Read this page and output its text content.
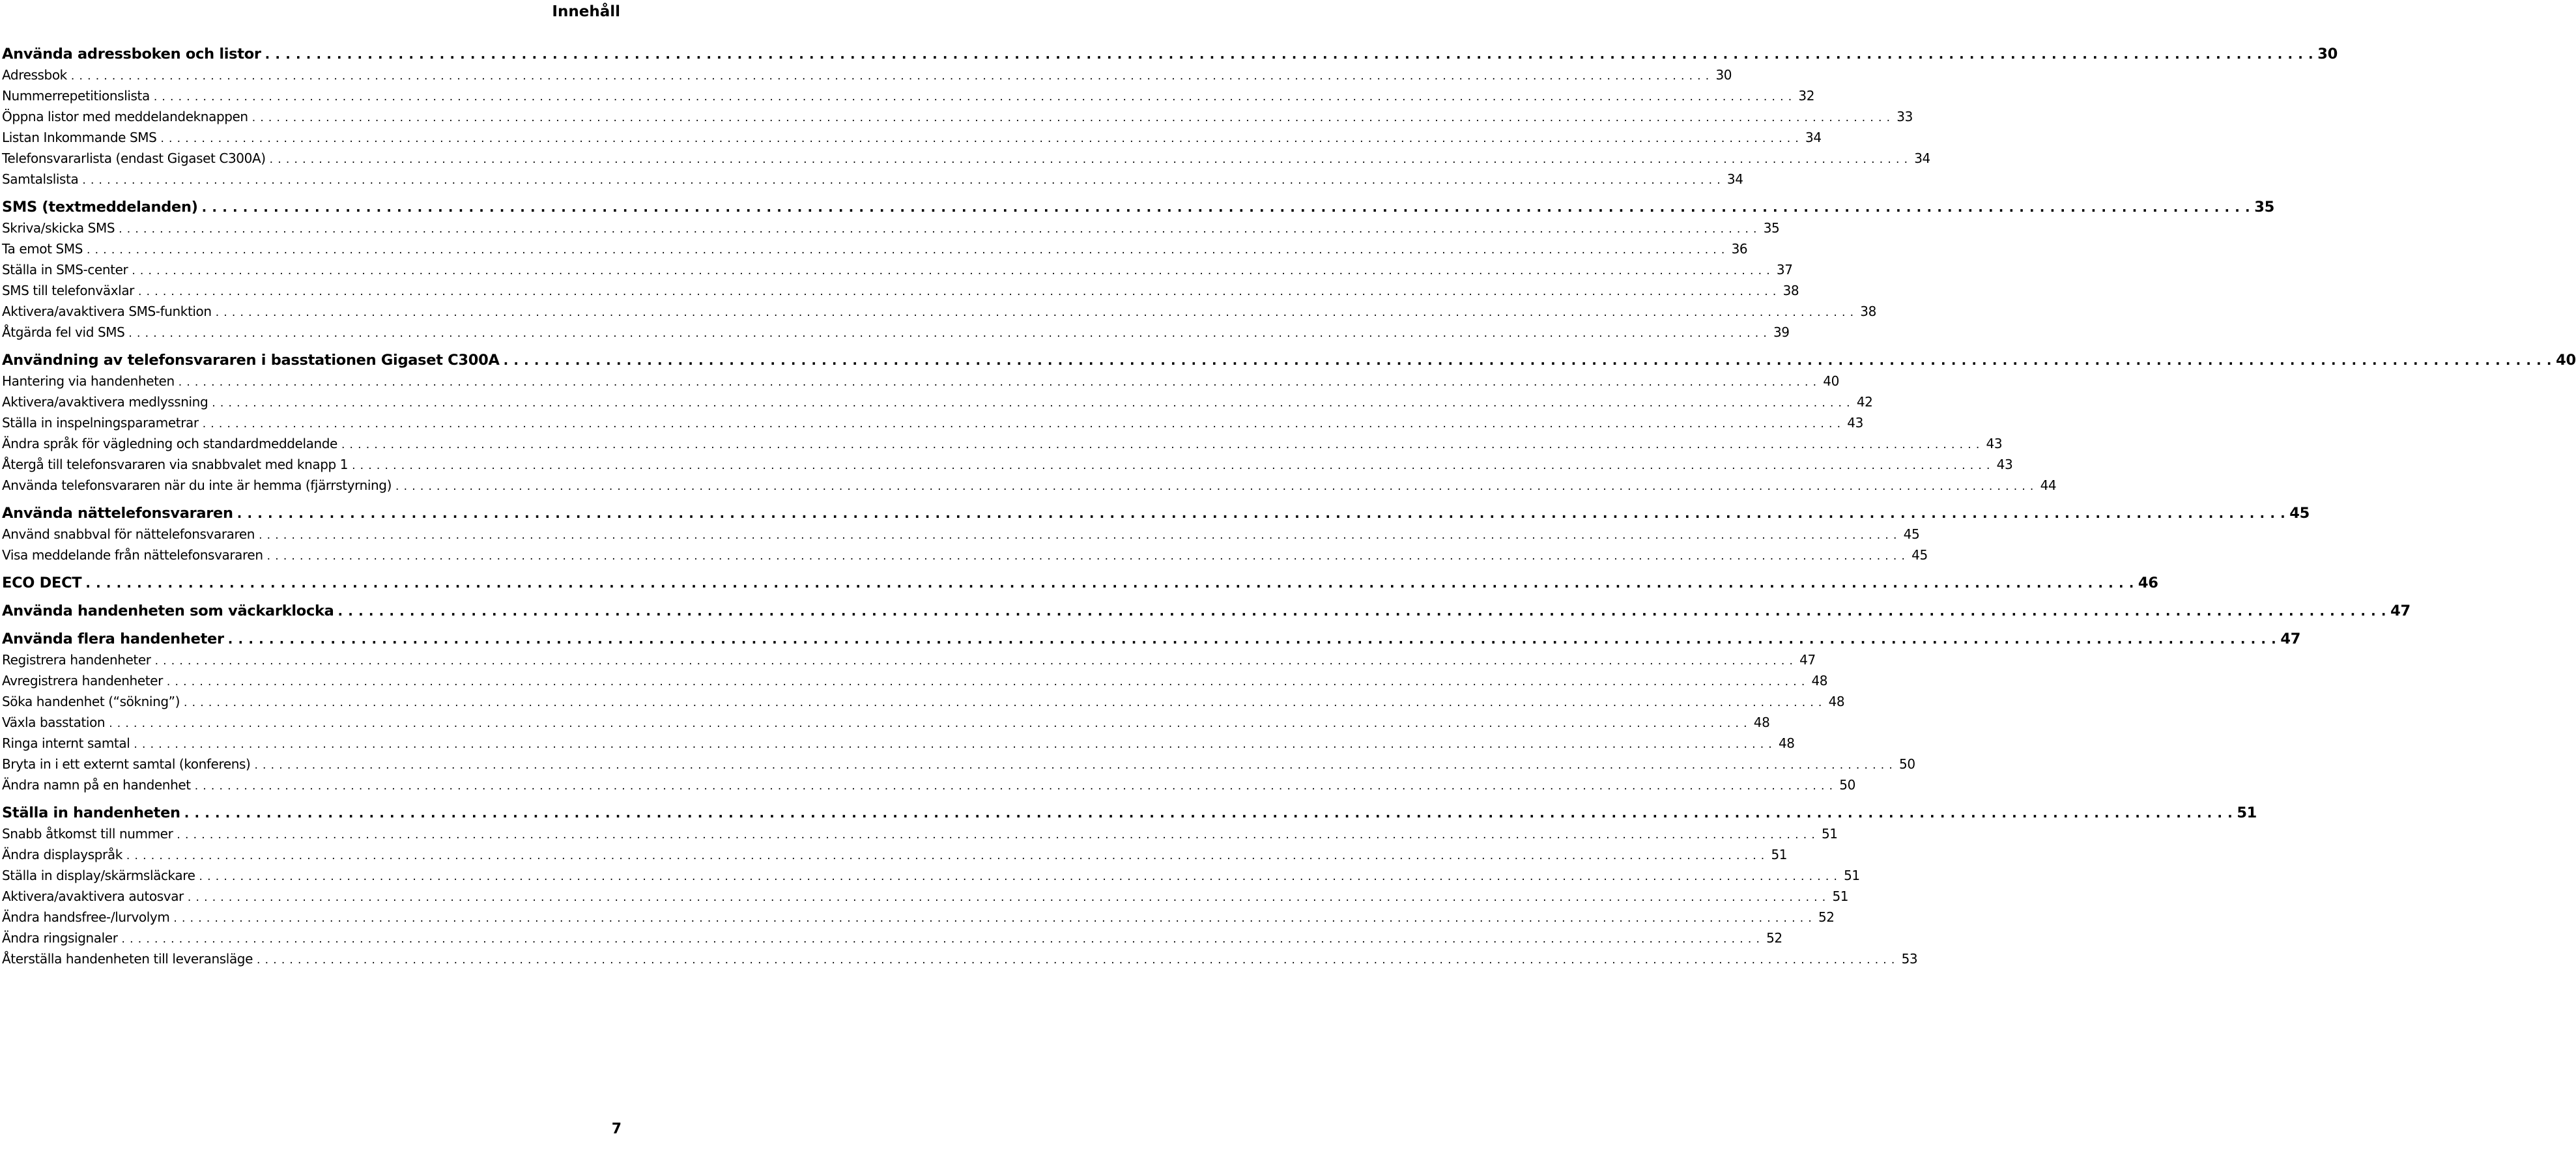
Innehåll
Använda adressboken och listor . . . . . . . . . . . . . . . . . . . . . . . . . . . . . . . . . . . . . . . . . . . . . . . . . . . . . . . . . . . . . . . . . . . . . . . . . . . . . . . . . . . . . . . . . . . . . . . . . . . . . . . . . . . . . . . . . . . . . . . . . . . . . . . . . . . . . . . . . . . . . . . . . . . . . . . . . . . . . . . . . . . . . . . . . . . . . . . . . . . . . . . . . . . . . . . . . . . . . . . . 30
Adressbok . . . . . . . . . . . . . . . . . . . . . . . . . . . . . . . . . . . . . . . . . . . . . . . . . . . . . . . . . . . . . . . . . . . . . . . . . . . . . . . . . . . . . . . . . . . . . . . . . . . . . . . . . . . . . . . . . . . . . . . . . . . . . . . . . . . . . . . . . . . . . . . . . . . . . . . . . . . . . . . . . . . . . . . . . . . . . . . . . . . . . . . . . . . . . . . . . . . . . . . . 30
Nummerrepetitionslista . . . . . . . . . . . . . . . . . . . . . . . . . . . . . . . . . . . . . . . . . . . . . . . . . . . . . . . . . . . . . . . . . . . . . . . . . . . . . . . . . . . . . . . . . . . . . . . . . . . . . . . . . . . . . . . . . . . . . . . . . . . . . . . . . . . . . . . . . . . . . . . . . . . . . . . . . . . . . . . . . . . . . . . . . . . . . . . . . . . . . . . . . . . . . . . . . . . . . . . . 32
Öppna listor med meddelandeknappen . . . . . . . . . . . . . . . . . . . . . . . . . . . . . . . . . . . . . . . . . . . . . . . . . . . . . . . . . . . . . . . . . . . . . . . . . . . . . . . . . . . . . . . . . . . . . . . . . . . . . . . . . . . . . . . . . . . . . . . . . . . . . . . . . . . . . . . . . . . . . . . . . . . . . . . . . . . . . . . . . . . . . . . . . . . . . . . . . . . . . . . . . . . . . . . . . . . . . . . . 33
Listan Inkommande SMS . . . . . . . . . . . . . . . . . . . . . . . . . . . . . . . . . . . . . . . . . . . . . . . . . . . . . . . . . . . . . . . . . . . . . . . . . . . . . . . . . . . . . . . . . . . . . . . . . . . . . . . . . . . . . . . . . . . . . . . . . . . . . . . . . . . . . . . . . . . . . . . . . . . . . . . . . . . . . . . . . . . . . . . . . . . . . . . . . . . . . . . . . . . . . . . . . . . . . . . . 34
Telefonsvararlista (endast Gigaset C300A) . . . . . . . . . . . . . . . . . . . . . . . . . . . . . . . . . . . . . . . . . . . . . . . . . . . . . . . . . . . . . . . . . . . . . . . . . . . . . . . . . . . . . . . . . . . . . . . . . . . . . . . . . . . . . . . . . . . . . . . . . . . . . . . . . . . . . . . . . . . . . . . . . . . . . . . . . . . . . . . . . . . . . . . . . . . . . . . . . . . . . . . . . . . . . . . . . . . . . . . . 34
Samtalslista . . . . . . . . . . . . . . . . . . . . . . . . . . . . . . . . . . . . . . . . . . . . . . . . . . . . . . . . . . . . . . . . . . . . . . . . . . . . . . . . . . . . . . . . . . . . . . . . . . . . . . . . . . . . . . . . . . . . . . . . . . . . . . . . . . . . . . . . . . . . . . . . . . . . . . . . . . . . . . . . . . . . . . . . . . . . . . . . . . . . . . . . . . . . . . . . . . . . . . . . 34
SMS (textmeddelanden) . . . . . . . . . . . . . . . . . . . . . . . . . . . . . . . . . . . . . . . . . . . . . . . . . . . . . . . . . . . . . . . . . . . . . . . . . . . . . . . . . . . . . . . . . . . . . . . . . . . . . . . . . . . . . . . . . . . . . . . . . . . . . . . . . . . . . . . . . . . . . . . . . . . . . . . . . . . . . . . . . . . . . . . . . . . . . . . . . . . . . . . . . . . . . . . . . . . . . . . . 35
Skriva/skicka SMS . . . . . . . . . . . . . . . . . . . . . . . . . . . . . . . . . . . . . . . . . . . . . . . . . . . . . . . . . . . . . . . . . . . . . . . . . . . . . . . . . . . . . . . . . . . . . . . . . . . . . . . . . . . . . . . . . . . . . . . . . . . . . . . . . . . . . . . . . . . . . . . . . . . . . . . . . . . . . . . . . . . . . . . . . . . . . . . . . . . . . . . . . . . . . . . . . . . . . . . . 35
Ta emot SMS . . . . . . . . . . . . . . . . . . . . . . . . . . . . . . . . . . . . . . . . . . . . . . . . . . . . . . . . . . . . . . . . . . . . . . . . . . . . . . . . . . . . . . . . . . . . . . . . . . . . . . . . . . . . . . . . . . . . . . . . . . . . . . . . . . . . . . . . . . . . . . . . . . . . . . . . . . . . . . . . . . . . . . . . . . . . . . . . . . . . . . . . . . . . . . . . . . . . . . . . 36
Ställa in SMS-center . . . . . . . . . . . . . . . . . . . . . . . . . . . . . . . . . . . . . . . . . . . . . . . . . . . . . . . . . . . . . . . . . . . . . . . . . . . . . . . . . . . . . . . . . . . . . . . . . . . . . . . . . . . . . . . . . . . . . . . . . . . . . . . . . . . . . . . . . . . . . . . . . . . . . . . . . . . . . . . . . . . . . . . . . . . . . . . . . . . . . . . . . . . . . . . . . . . . . . . . 37
SMS till telefonväxlar . . . . . . . . . . . . . . . . . . . . . . . . . . . . . . . . . . . . . . . . . . . . . . . . . . . . . . . . . . . . . . . . . . . . . . . . . . . . . . . . . . . . . . . . . . . . . . . . . . . . . . . . . . . . . . . . . . . . . . . . . . . . . . . . . . . . . . . . . . . . . . . . . . . . . . . . . . . . . . . . . . . . . . . . . . . . . . . . . . . . . . . . . . . . . . . . . . . . . . . . 38
Aktivera/avaktivera SMS-funktion . . . . . . . . . . . . . . . . . . . . . . . . . . . . . . . . . . . . . . . . . . . . . . . . . . . . . . . . . . . . . . . . . . . . . . . . . . . . . . . . . . . . . . . . . . . . . . . . . . . . . . . . . . . . . . . . . . . . . . . . . . . . . . . . . . . . . . . . . . . . . . . . . . . . . . . . . . . . . . . . . . . . . . . . . . . . . . . . . . . . . . . . . . . . . . . . . . . . . . . . 38
Åtgärda fel vid SMS . . . . . . . . . . . . . . . . . . . . . . . . . . . . . . . . . . . . . . . . . . . . . . . . . . . . . . . . . . . . . . . . . . . . . . . . . . . . . . . . . . . . . . . . . . . . . . . . . . . . . . . . . . . . . . . . . . . . . . . . . . . . . . . . . . . . . . . . . . . . . . . . . . . . . . . . . . . . . . . . . . . . . . . . . . . . . . . . . . . . . . . . . . . . . . . . . . . . . . . . 39
Användning av telefonsvararen i basstationen Gigaset C300A . . . . . . . . . . . . . . . . . . . . . . . . . . . . . . . . . . . . . . . . . . . . . . . . . . . . . . . . . . . . . . . . . . . . . . . . . . . . . . . . . . . . . . . . . . . . . . . . . . . . . . . . . . . . . . . . . . . . . . . . . . . . . . . . . . . . . . . . . . . . . . . . . . . . . . . . . . . . . . . . . . . . . . . . . . . . . . . . . . . . . . . . . . . . . . . . . . . . . . . . 40
Hantering via handenheten . . . . . . . . . . . . . . . . . . . . . . . . . . . . . . . . . . . . . . . . . . . . . . . . . . . . . . . . . . . . . . . . . . . . . . . . . . . . . . . . . . . . . . . . . . . . . . . . . . . . . . . . . . . . . . . . . . . . . . . . . . . . . . . . . . . . . . . . . . . . . . . . . . . . . . . . . . . . . . . . . . . . . . . . . . . . . . . . . . . . . . . . . . . . . . . . . . . . . . . . 40
Aktivera/avaktivera medlyssning . . . . . . . . . . . . . . . . . . . . . . . . . . . . . . . . . . . . . . . . . . . . . . . . . . . . . . . . . . . . . . . . . . . . . . . . . . . . . . . . . . . . . . . . . . . . . . . . . . . . . . . . . . . . . . . . . . . . . . . . . . . . . . . . . . . . . . . . . . . . . . . . . . . . . . . . . . . . . . . . . . . . . . . . . . . . . . . . . . . . . . . . . . . . . . . . . . . . . . . . 42
Ställa in inspelningsparametrar . . . . . . . . . . . . . . . . . . . . . . . . . . . . . . . . . . . . . . . . . . . . . . . . . . . . . . . . . . . . . . . . . . . . . . . . . . . . . . . . . . . . . . . . . . . . . . . . . . . . . . . . . . . . . . . . . . . . . . . . . . . . . . . . . . . . . . . . . . . . . . . . . . . . . . . . . . . . . . . . . . . . . . . . . . . . . . . . . . . . . . . . . . . . . . . . . . . . . . . . 43
Ändra språk för vägledning och standardmeddelande . . . . . . . . . . . . . . . . . . . . . . . . . . . . . . . . . . . . . . . . . . . . . . . . . . . . . . . . . . . . . . . . . . . . . . . . . . . . . . . . . . . . . . . . . . . . . . . . . . . . . . . . . . . . . . . . . . . . . . . . . . . . . . . . . . . . . . . . . . . . . . . . . . . . . . . . . . . . . . . . . . . . . . . . . . . . . . . . . . . . . . . . . . . . . . . . . . . . . . . . 43
Återgå till telefonsvararen via snabbvalet med knapp 1 . . . . . . . . . . . . . . . . . . . . . . . . . . . . . . . . . . . . . . . . . . . . . . . . . . . . . . . . . . . . . . . . . . . . . . . . . . . . . . . . . . . . . . . . . . . . . . . . . . . . . . . . . . . . . . . . . . . . . . . . . . . . . . . . . . . . . . . . . . . . . . . . . . . . . . . . . . . . . . . . . . . . . . . . . . . . . . . . . . . . . . . . . . . . . . . . . . . . . . . . 43
Använda telefonsvararen när du inte är hemma (fjärrstyrning) . . . . . . . . . . . . . . . . . . . . . . . . . . . . . . . . . . . . . . . . . . . . . . . . . . . . . . . . . . . . . . . . . . . . . . . . . . . . . . . . . . . . . . . . . . . . . . . . . . . . . . . . . . . . . . . . . . . . . . . . . . . . . . . . . . . . . . . . . . . . . . . . . . . . . . . . . . . . . . . . . . . . . . . . . . . . . . . . . . . . . . . . . . . . . . . . . . . . . . . . 44
Använda nättelefonsvararen . . . . . . . . . . . . . . . . . . . . . . . . . . . . . . . . . . . . . . . . . . . . . . . . . . . . . . . . . . . . . . . . . . . . . . . . . . . . . . . . . . . . . . . . . . . . . . . . . . . . . . . . . . . . . . . . . . . . . . . . . . . . . . . . . . . . . . . . . . . . . . . . . . . . . . . . . . . . . . . . . . . . . . . . . . . . . . . . . . . . . . . . . . . . . . . . . . . . . . . . 45
Använd snabbval för nättelefonsvararen . . . . . . . . . . . . . . . . . . . . . . . . . . . . . . . . . . . . . . . . . . . . . . . . . . . . . . . . . . . . . . . . . . . . . . . . . . . . . . . . . . . . . . . . . . . . . . . . . . . . . . . . . . . . . . . . . . . . . . . . . . . . . . . . . . . . . . . . . . . . . . . . . . . . . . . . . . . . . . . . . . . . . . . . . . . . . . . . . . . . . . . . . . . . . . . . . . . . . . . . 45
Visa meddelande från nättelefonsvararen . . . . . . . . . . . . . . . . . . . . . . . . . . . . . . . . . . . . . . . . . . . . . . . . . . . . . . . . . . . . . . . . . . . . . . . . . . . . . . . . . . . . . . . . . . . . . . . . . . . . . . . . . . . . . . . . . . . . . . . . . . . . . . . . . . . . . . . . . . . . . . . . . . . . . . . . . . . . . . . . . . . . . . . . . . . . . . . . . . . . . . . . . . . . . . . . . . . . . . . . 45
ECO DECT . . . . . . . . . . . . . . . . . . . . . . . . . . . . . . . . . . . . . . . . . . . . . . . . . . . . . . . . . . . . . . . . . . . . . . . . . . . . . . . . . . . . . . . . . . . . . . . . . . . . . . . . . . . . . . . . . . . . . . . . . . . . . . . . . . . . . . . . . . . . . . . . . . . . . . . . . . . . . . . . . . . . . . . . . . . . . . . . . . . . . . . . . . . . . . . . . . . . . . . . 46
Använda handenheten som väckarklocka . . . . . . . . . . . . . . . . . . . . . . . . . . . . . . . . . . . . . . . . . . . . . . . . . . . . . . . . . . . . . . . . . . . . . . . . . . . . . . . . . . . . . . . . . . . . . . . . . . . . . . . . . . . . . . . . . . . . . . . . . . . . . . . . . . . . . . . . . . . . . . . . . . . . . . . . . . . . . . . . . . . . . . . . . . . . . . . . . . . . . . . . . . . . . . . . . . . . . . . . 47
Använda flera handenheter . . . . . . . . . . . . . . . . . . . . . . . . . . . . . . . . . . . . . . . . . . . . . . . . . . . . . . . . . . . . . . . . . . . . . . . . . . . . . . . . . . . . . . . . . . . . . . . . . . . . . . . . . . . . . . . . . . . . . . . . . . . . . . . . . . . . . . . . . . . . . . . . . . . . . . . . . . . . . . . . . . . . . . . . . . . . . . . . . . . . . . . . . . . . . . . . . . . . . . . . 47
Registrera handenheter . . . . . . . . . . . . . . . . . . . . . . . . . . . . . . . . . . . . . . . . . . . . . . . . . . . . . . . . . . . . . . . . . . . . . . . . . . . . . . . . . . . . . . . . . . . . . . . . . . . . . . . . . . . . . . . . . . . . . . . . . . . . . . . . . . . . . . . . . . . . . . . . . . . . . . . . . . . . . . . . . . . . . . . . . . . . . . . . . . . . . . . . . . . . . . . . . . . . . . . . 47
Avregistrera handenheter . . . . . . . . . . . . . . . . . . . . . . . . . . . . . . . . . . . . . . . . . . . . . . . . . . . . . . . . . . . . . . . . . . . . . . . . . . . . . . . . . . . . . . . . . . . . . . . . . . . . . . . . . . . . . . . . . . . . . . . . . . . . . . . . . . . . . . . . . . . . . . . . . . . . . . . . . . . . . . . . . . . . . . . . . . . . . . . . . . . . . . . . . . . . . . . . . . . . . . . . 48
Söka handenhet (“sökning”) . . . . . . . . . . . . . . . . . . . . . . . . . . . . . . . . . . . . . . . . . . . . . . . . . . . . . . . . . . . . . . . . . . . . . . . . . . . . . . . . . . . . . . . . . . . . . . . . . . . . . . . . . . . . . . . . . . . . . . . . . . . . . . . . . . . . . . . . . . . . . . . . . . . . . . . . . . . . . . . . . . . . . . . . . . . . . . . . . . . . . . . . . . . . . . . . . . . . . . . . 48
Växla basstation . . . . . . . . . . . . . . . . . . . . . . . . . . . . . . . . . . . . . . . . . . . . . . . . . . . . . . . . . . . . . . . . . . . . . . . . . . . . . . . . . . . . . . . . . . . . . . . . . . . . . . . . . . . . . . . . . . . . . . . . . . . . . . . . . . . . . . . . . . . . . . . . . . . . . . . . . . . . . . . . . . . . . . . . . . . . . . . . . . . . . . . . . . . . . . . . . . . . . . . . 48
Ringa internt samtal . . . . . . . . . . . . . . . . . . . . . . . . . . . . . . . . . . . . . . . . . . . . . . . . . . . . . . . . . . . . . . . . . . . . . . . . . . . . . . . . . . . . . . . . . . . . . . . . . . . . . . . . . . . . . . . . . . . . . . . . . . . . . . . . . . . . . . . . . . . . . . . . . . . . . . . . . . . . . . . . . . . . . . . . . . . . . . . . . . . . . . . . . . . . . . . . . . . . . . . . 48
Bryta in i ett externt samtal (konferens) . . . . . . . . . . . . . . . . . . . . . . . . . . . . . . . . . . . . . . . . . . . . . . . . . . . . . . . . . . . . . . . . . . . . . . . . . . . . . . . . . . . . . . . . . . . . . . . . . . . . . . . . . . . . . . . . . . . . . . . . . . . . . . . . . . . . . . . . . . . . . . . . . . . . . . . . . . . . . . . . . . . . . . . . . . . . . . . . . . . . . . . . . . . . . . . . . . . . . . . . 50
Ändra namn på en handenhet . . . . . . . . . . . . . . . . . . . . . . . . . . . . . . . . . . . . . . . . . . . . . . . . . . . . . . . . . . . . . . . . . . . . . . . . . . . . . . . . . . . . . . . . . . . . . . . . . . . . . . . . . . . . . . . . . . . . . . . . . . . . . . . . . . . . . . . . . . . . . . . . . . . . . . . . . . . . . . . . . . . . . . . . . . . . . . . . . . . . . . . . . . . . . . . . . . . . . . . . 50
Ställa in handenheten . . . . . . . . . . . . . . . . . . . . . . . . . . . . . . . . . . . . . . . . . . . . . . . . . . . . . . . . . . . . . . . . . . . . . . . . . . . . . . . . . . . . . . . . . . . . . . . . . . . . . . . . . . . . . . . . . . . . . . . . . . . . . . . . . . . . . . . . . . . . . . . . . . . . . . . . . . . . . . . . . . . . . . . . . . . . . . . . . . . . . . . . . . . . . . . . . . . . . . . . 51
Snabb åtkomst till nummer . . . . . . . . . . . . . . . . . . . . . . . . . . . . . . . . . . . . . . . . . . . . . . . . . . . . . . . . . . . . . . . . . . . . . . . . . . . . . . . . . . . . . . . . . . . . . . . . . . . . . . . . . . . . . . . . . . . . . . . . . . . . . . . . . . . . . . . . . . . . . . . . . . . . . . . . . . . . . . . . . . . . . . . . . . . . . . . . . . . . . . . . . . . . . . . . . . . . . . . . 51
Ändra displayspråk . . . . . . . . . . . . . . . . . . . . . . . . . . . . . . . . . . . . . . . . . . . . . . . . . . . . . . . . . . . . . . . . . . . . . . . . . . . . . . . . . . . . . . . . . . . . . . . . . . . . . . . . . . . . . . . . . . . . . . . . . . . . . . . . . . . . . . . . . . . . . . . . . . . . . . . . . . . . . . . . . . . . . . . . . . . . . . . . . . . . . . . . . . . . . . . . . . . . . . . . 51
Ställa in display/skärmsläckare . . . . . . . . . . . . . . . . . . . . . . . . . . . . . . . . . . . . . . . . . . . . . . . . . . . . . . . . . . . . . . . . . . . . . . . . . . . . . . . . . . . . . . . . . . . . . . . . . . . . . . . . . . . . . . . . . . . . . . . . . . . . . . . . . . . . . . . . . . . . . . . . . . . . . . . . . . . . . . . . . . . . . . . . . . . . . . . . . . . . . . . . . . . . . . . . . . . . . . . . 51
Aktivera/avaktivera autosvar . . . . . . . . . . . . . . . . . . . . . . . . . . . . . . . . . . . . . . . . . . . . . . . . . . . . . . . . . . . . . . . . . . . . . . . . . . . . . . . . . . . . . . . . . . . . . . . . . . . . . . . . . . . . . . . . . . . . . . . . . . . . . . . . . . . . . . . . . . . . . . . . . . . . . . . . . . . . . . . . . . . . . . . . . . . . . . . . . . . . . . . . . . . . . . . . . . . . . . . . 51
Ändra handsfree-/lurvolym . . . . . . . . . . . . . . . . . . . . . . . . . . . . . . . . . . . . . . . . . . . . . . . . . . . . . . . . . . . . . . . . . . . . . . . . . . . . . . . . . . . . . . . . . . . . . . . . . . . . . . . . . . . . . . . . . . . . . . . . . . . . . . . . . . . . . . . . . . . . . . . . . . . . . . . . . . . . . . . . . . . . . . . . . . . . . . . . . . . . . . . . . . . . . . . . . . . . . . . . 52
Ändra ringsignaler . . . . . . . . . . . . . . . . . . . . . . . . . . . . . . . . . . . . . . . . . . . . . . . . . . . . . . . . . . . . . . . . . . . . . . . . . . . . . . . . . . . . . . . . . . . . . . . . . . . . . . . . . . . . . . . . . . . . . . . . . . . . . . . . . . . . . . . . . . . . . . . . . . . . . . . . . . . . . . . . . . . . . . . . . . . . . . . . . . . . . . . . . . . . . . . . . . . . . . . . 52
Återställa handenheten till leveransläge . . . . . . . . . . . . . . . . . . . . . . . . . . . . . . . . . . . . . . . . . . . . . . . . . . . . . . . . . . . . . . . . . . . . . . . . . . . . . . . . . . . . . . . . . . . . . . . . . . . . . . . . . . . . . . . . . . . . . . . . . . . . . . . . . . . . . . . . . . . . . . . . . . . . . . . . . . . . . . . . . . . . . . . . . . . . . . . . . . . . . . . . . . . . . . . . . . . . . . . . 53
7
